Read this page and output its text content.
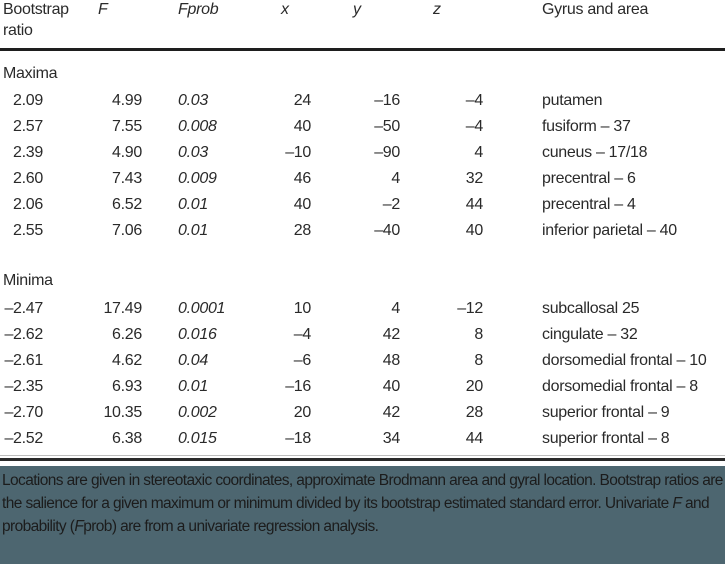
Bootstrap
ratio
F	Fprob	x	y	z	Gyrus and area
Maxima
2.09	4.99 0.03	24	–16	–4	putamen
2.57	7.55 0.008	40	–50	–4	fusiform – 37
2.39	4.90 0.03	–10	–90	4	cuneus – 17/18
2.60	7.43 0.009	46	4	32	precentral – 6
2.06	6.52 0.01	40	–2	44	precentral – 4
2.55	7.06 0.01	28	–40	40	inferior parietal – 40
Minima
–2.47	17.49 0.0001	10	4	–12	subcallosal 25
–2.62	6.26 0.016	–4	42	8	cingulate – 32
–2.61	4.62 0.04	–6	48	8	dorsomedial frontal – 10
–2.35	6.93 0.01	–16	40	20	dorsomedial frontal – 8
–2.70	10.35 0.002	20	42	28	superior frontal – 9
–2.52	6.38 0.015	–18	34	44	superior frontal – 8
Locations are given in stereotaxic coordinates, approximate Brodmann area and gyral location. Bootstrap ratios are the salience for a given maximum or minimum divided by its bootstrap estimated standard error. Univariate F and probability (Fprob) are from a univariate regression analysis.
